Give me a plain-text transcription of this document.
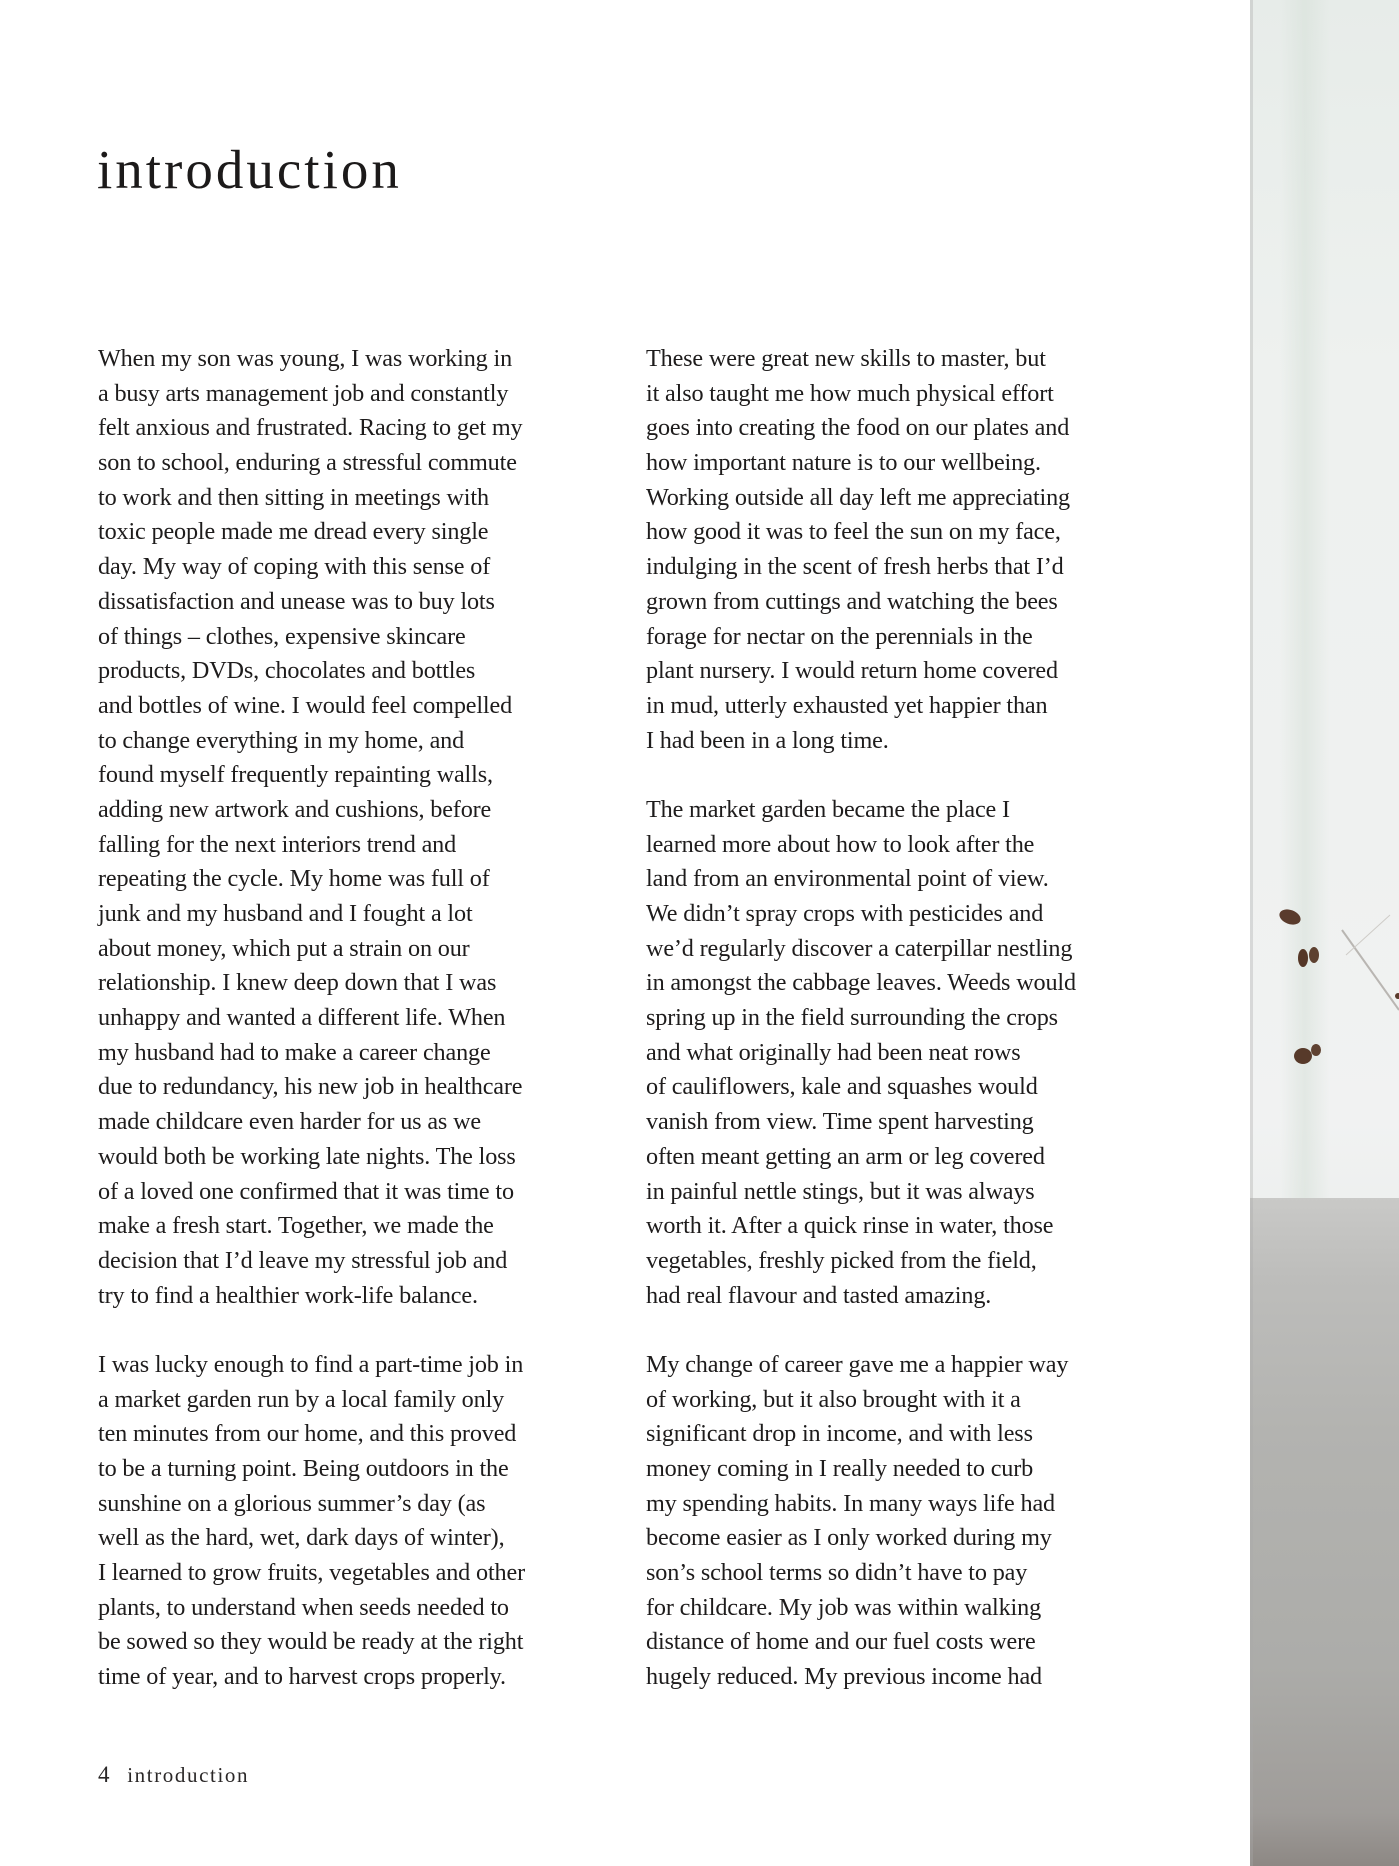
introduction

When my son was young, I was working in
a busy arts management job and constantly
felt anxious and frustrated. Racing to get my
son to school, enduring a stressful commute
to work and then sitting in meetings with
toxic people made me dread every single
day. My way of coping with this sense of
dissatisfaction and unease was to buy lots
of things – clothes, expensive skincare
products, DVDs, chocolates and bottles
and bottles of wine. I would feel compelled
to change everything in my home, and
found myself frequently repainting walls,
adding new artwork and cushions, before
falling for the next interiors trend and
repeating the cycle. My home was full of
junk and my husband and I fought a lot
about money, which put a strain on our
relationship. I knew deep down that I was
unhappy and wanted a different life. When
my husband had to make a career change
due to redundancy, his new job in healthcare
made childcare even harder for us as we
would both be working late nights. The loss
of a loved one confirmed that it was time to
make a fresh start. Together, we made the
decision that I’d leave my stressful job and
try to find a healthier work-life balance.

I was lucky enough to find a part-time job in
a market garden run by a local family only
ten minutes from our home, and this proved
to be a turning point. Being outdoors in the
sunshine on a glorious summer’s day (as
well as the hard, wet, dark days of winter),
I learned to grow fruits, vegetables and other
plants, to understand when seeds needed to
be sowed so they would be ready at the right
time of year, and to harvest crops properly.

These were great new skills to master, but
it also taught me how much physical effort
goes into creating the food on our plates and
how important nature is to our wellbeing.
Working outside all day left me appreciating
how good it was to feel the sun on my face,
indulging in the scent of fresh herbs that I’d
grown from cuttings and watching the bees
forage for nectar on the perennials in the
plant nursery. I would return home covered
in mud, utterly exhausted yet happier than
I had been in a long time.

The market garden became the place I
learned more about how to look after the
land from an environmental point of view.
We didn’t spray crops with pesticides and
we’d regularly discover a caterpillar nestling
in amongst the cabbage leaves. Weeds would
spring up in the field surrounding the crops
and what originally had been neat rows
of cauliflowers, kale and squashes would
vanish from view. Time spent harvesting
often meant getting an arm or leg covered
in painful nettle stings, but it was always
worth it. After a quick rinse in water, those
vegetables, freshly picked from the field,
had real flavour and tasted amazing.

My change of career gave me a happier way
of working, but it also brought with it a
significant drop in income, and with less
money coming in I really needed to curb
my spending habits. In many ways life had
become easier as I only worked during my
son’s school terms so didn’t have to pay
for childcare. My job was within walking
distance of home and our fuel costs were
hugely reduced. My previous income had

4 introduction
